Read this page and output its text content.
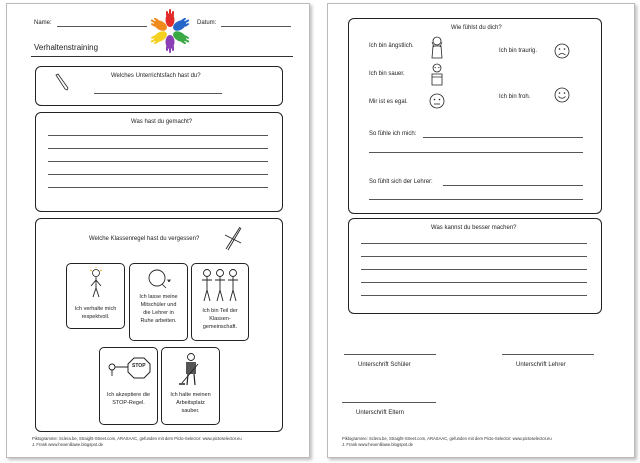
Name:	Datum:
Verhaltenstraining
Welches Unterrichtsfach hast du?
Was hast du gemacht?
Welche Klassenregel hast du vergessen?
Ich verhalte mich
respektvoll.
Ich lasse meine
Mitschüler und
die Lehrer in
Ruhe arbeiten.
Ich bin Teil der
Klassen-
gemeinschaft.
STOP
Ich akzeptiere die
STOP-Regel.
Ich halte meinen
Arbeitsplatz
sauber.
Piktogramme: Sclera.be, Straight-Street.com, ARASAAC, gefunden mit dem Picto-Selector: www.pictoselector.eu
J. Frank www.hexenlilawe.blogspot.de
Wie fühlst du dich?
Ich bin ängstlich.
Ich bin traurig.
Ich bin sauer.
Mir ist es egal.
Ich bin froh.
So fühle ich mich:
So fühlt sich der Lehrer:
Was kannst du besser machen?
Unterschrift Schüler	Unterschrift Lehrer
Unterschrift Eltern
Piktogramme: Sclera.be, Straight-Street.com, ARASAAC, gefunden mit dem Picto-Selector: www.pictoselector.eu
J. Frank www.hexenlilawe.blogspot.de
